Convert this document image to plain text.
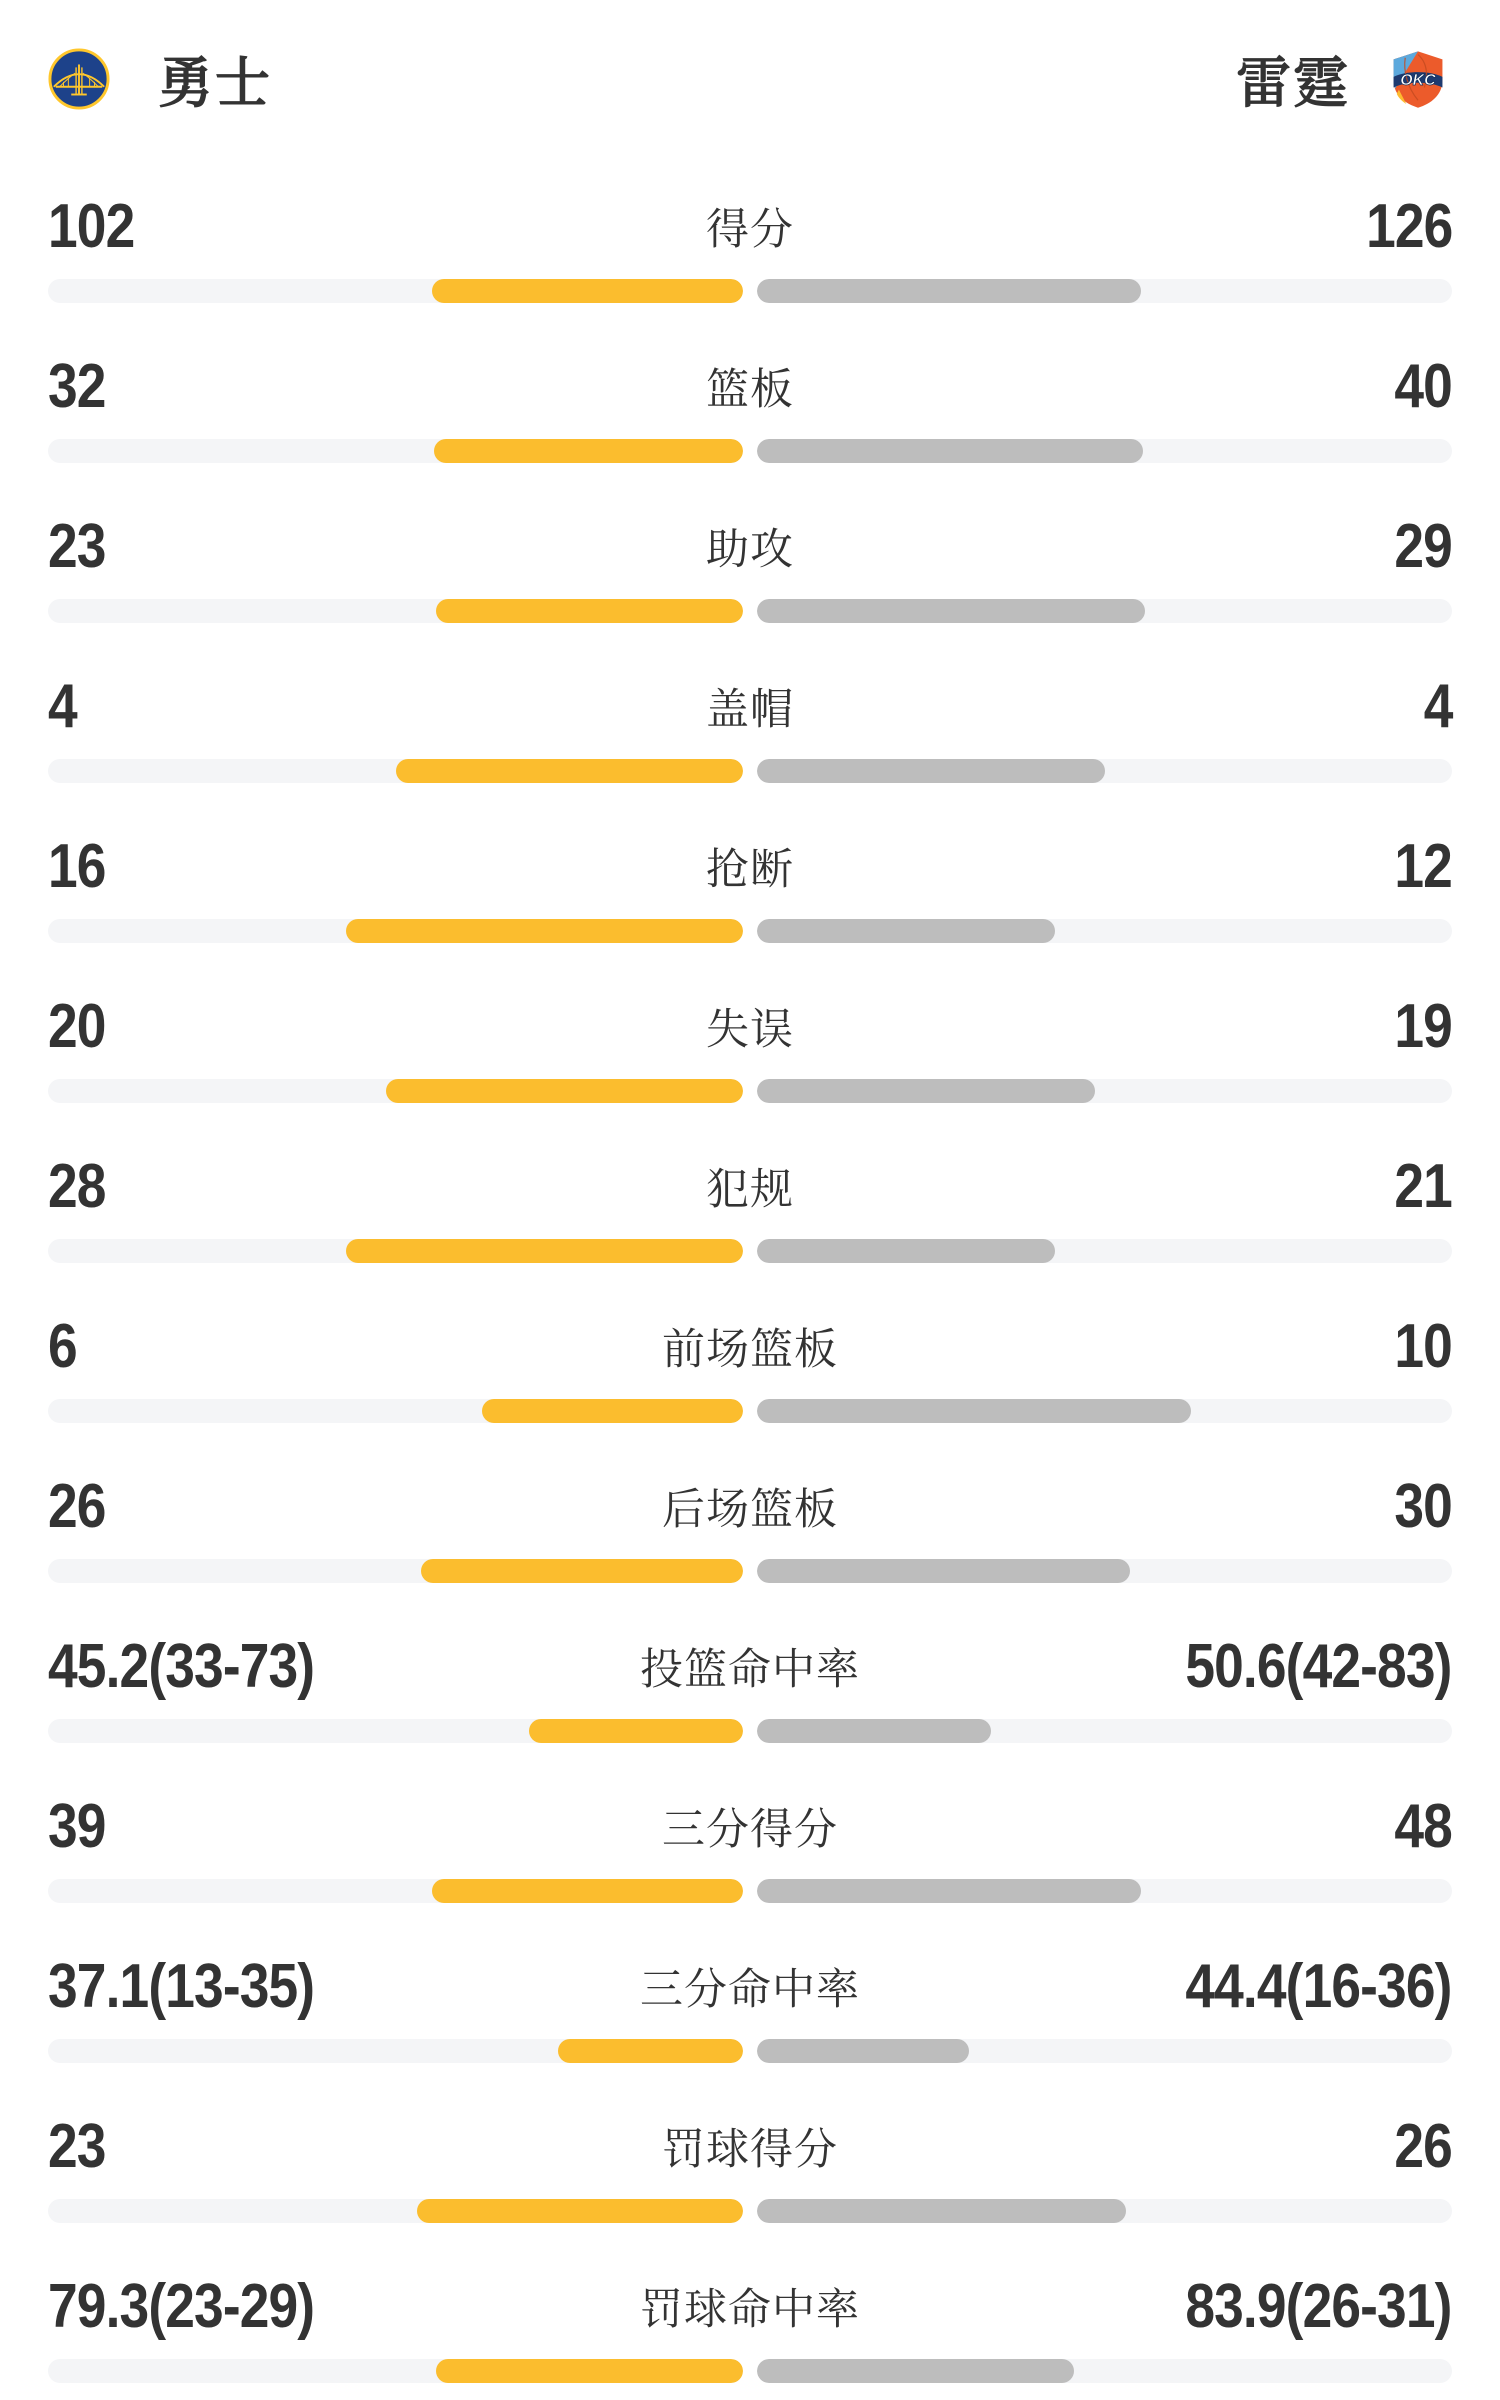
勇士	雷霆	OKC
102	得分	126
32	篮板	40
23	助攻	29
4	盖帽	4
16	抢断	12
20	失误	19
28	犯规	21
6	前场篮板	10
26	后场篮板	30
45.2(33-73)	投篮命中率	50.6(42-83)
39	三分得分	48
37.1(13-35)	三分命中率	44.4(16-36)
23	罚球得分	26
79.3(23-29)	罚球命中率	83.9(26-31)
